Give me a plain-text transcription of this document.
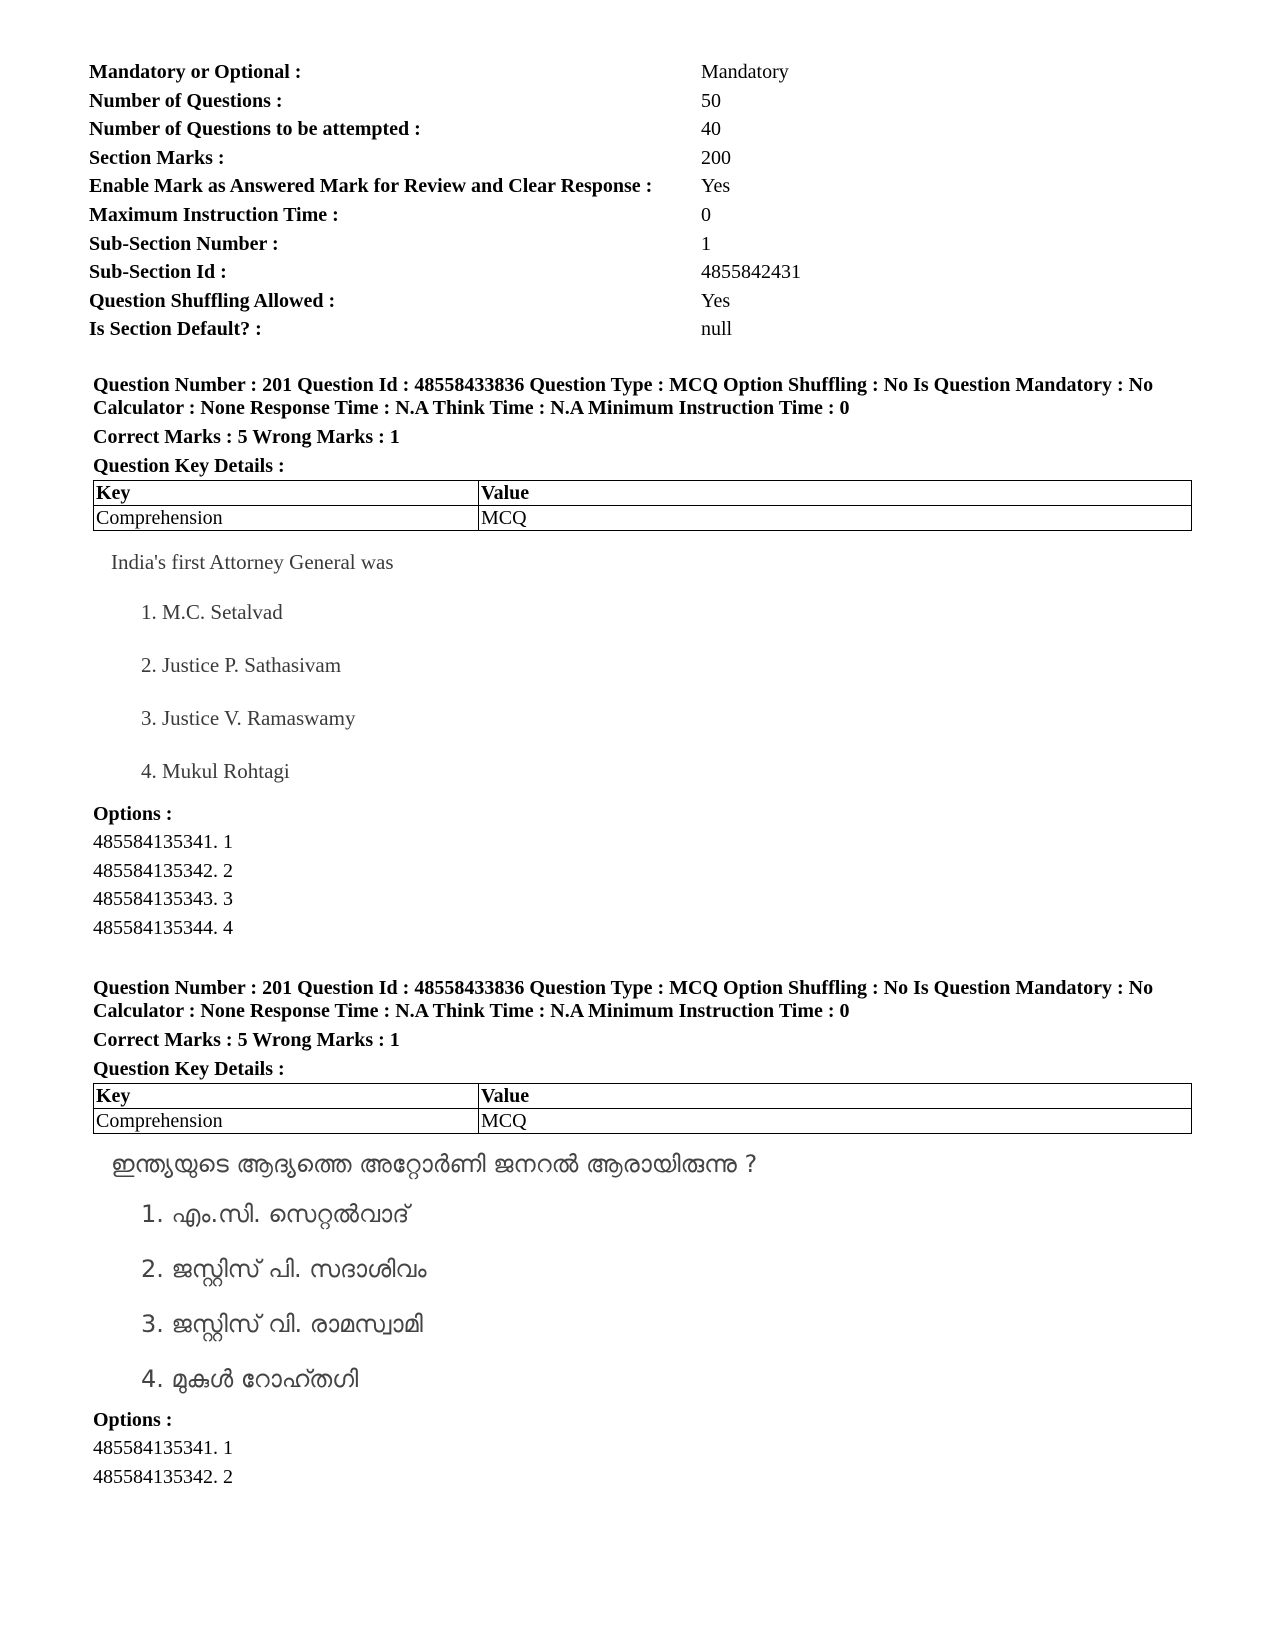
Mandatory or Optional :	Mandatory
Number of Questions :	50
Number of Questions to be attempted :	40
Section Marks :	200
Enable Mark as Answered Mark for Review and Clear Response : Yes
Maximum Instruction Time :	0
Sub-Section Number :	1
Sub-Section Id :	4855842431
Question Shuffling Allowed :	Yes
Is Section Default? :	null

Question Number : 201 Question Id : 48558433836 Question Type : MCQ Option Shuffling : No Is Question Mandatory : No Calculator : None Response Time : N.A Think Time : N.A Minimum Instruction Time : 0

Correct Marks : 5 Wrong Marks : 1
Question Key Details :
Key	Value
Comprehension	MCQ
India's first Attorney General was
1. M.C. Setalvad
2. Justice P. Sathasivam
3. Justice V. Ramaswamy
4. Mukul Rohtagi
Options :
485584135341. 1
485584135342. 2
485584135343. 3
485584135344. 4

Question Number : 201 Question Id : 48558433836 Question Type : MCQ Option Shuffling : No Is Question Mandatory : No Calculator : None Response Time : N.A Think Time : N.A Minimum Instruction Time : 0

Correct Marks : 5 Wrong Marks : 1
Question Key Details :
Key	Value
Comprehension	MCQ
ഇന്ത്യയുടെ ആദ്യത്തെ അറ്റോർണി ജനറൽ ആരായിരുന്നു ?
1. എം.സി. സെറ്റൽവാദ്
2. ജസ്റ്റിസ് പി. സദാശിവം
3. ജസ്റ്റിസ് വി. രാമസ്വാമി
4. മുകുൾ റോഹ്തഗി
Options :
485584135341. 1
485584135342. 2
